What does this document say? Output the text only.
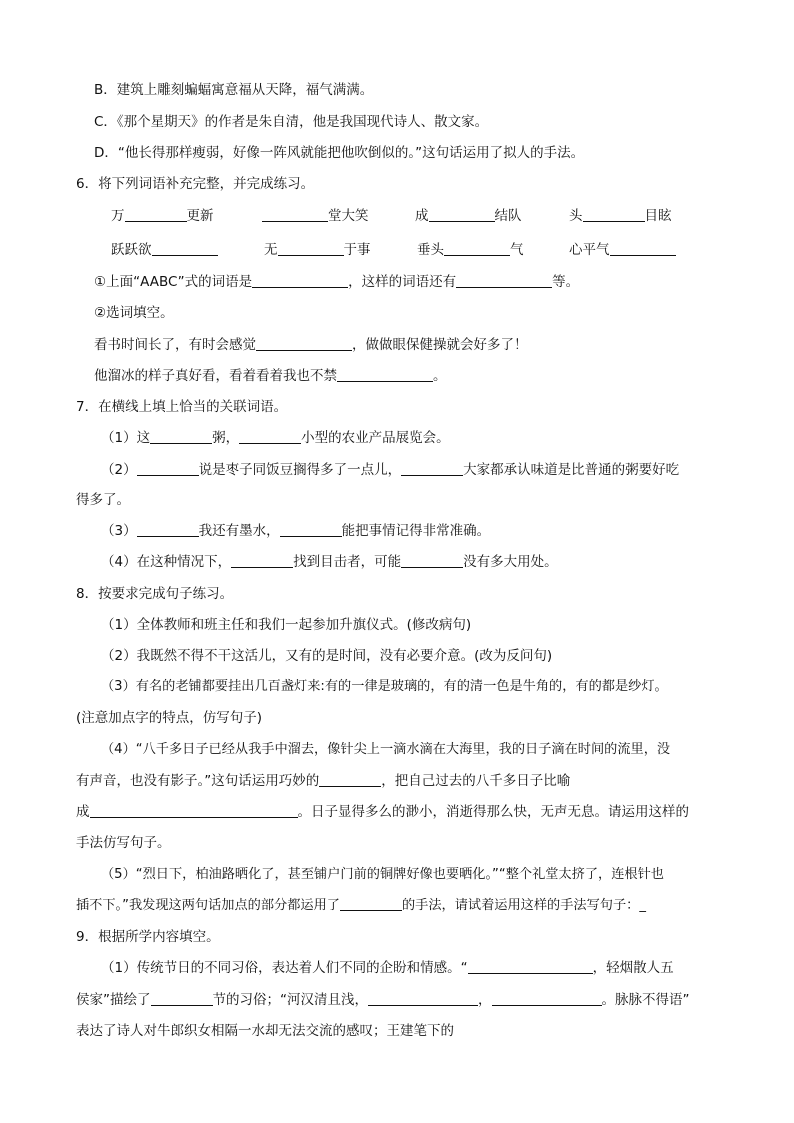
B．建筑上雕刻蝙蝠寓意福从天降，福气满满。
C．《那个星期天》的作者是朱自清，他是我国现代诗人、散文家。
D．“他长得那样瘦弱，好像一阵风就能把他吹倒似的。”这句话运用了拟人的手法。
6．将下列词语补充完整，并完成练习。
万	更新	堂大笑	成	结队	头	目眩
跃跃欲	无	于事	垂头	气	心平气
①上面“AABC”式的词语是	，这样的词语还有	等。
②选词填空。
看书时间长了，有时会感觉	，做做眼保健操就会好多了！
他溜冰的样子真好看，看着看着我也不禁	。
7．在横线上填上恰当的关联词语。
（1）这	粥，	小型的农业产品展览会。
（2）	说是枣子同饭豆搁得多了一点儿，	大家都承认味道是比普通的粥要好吃
得多了。
（3）	我还有墨水，	能把事情记得非常准确。
（4）在这种情况下，	找到目击者，可能	没有多大用处。
8．按要求完成句子练习。
（1）全体教师和班主任和我们一起参加升旗仪式。(修改病句)
（2）我既然不得不干这活儿，又有的是时间，没有必要介意。(改为反问句)
（3）有名的老铺都要挂出几百盏灯来:有的一律是玻璃的，有的清一色是牛角的，有的都是纱灯。
(注意加点字的特点，仿写句子)
（4）“八千多日子已经从我手中溜去，像针尖上一滴水滴在大海里，我的日子滴在时间的流里，没
有声音，也没有影子。”这句话运用巧妙的	，把自己过去的八千多日子比喻
成	。日子显得多么的渺小，消逝得那么快，无声无息。请运用这样的
手法仿写句子。
（5）“烈日下，柏油路晒化了，甚至铺户门前的铜牌好像也要晒化。”“整个礼堂太挤了，连根针也
插不下。”我发现这两句话加点的部分都运用了	的手法，请试着运用这样的手法写句子：_
9．根据所学内容填空。
（1）传统节日的不同习俗，表达着人们不同的企盼和情感。“	，轻烟散人五
侯家”描绘了	节的习俗；“河汉清且浅，	，	。脉脉不得语”
表达了诗人对牛郎织女相隔一水却无法交流的感叹；王建笔下的
